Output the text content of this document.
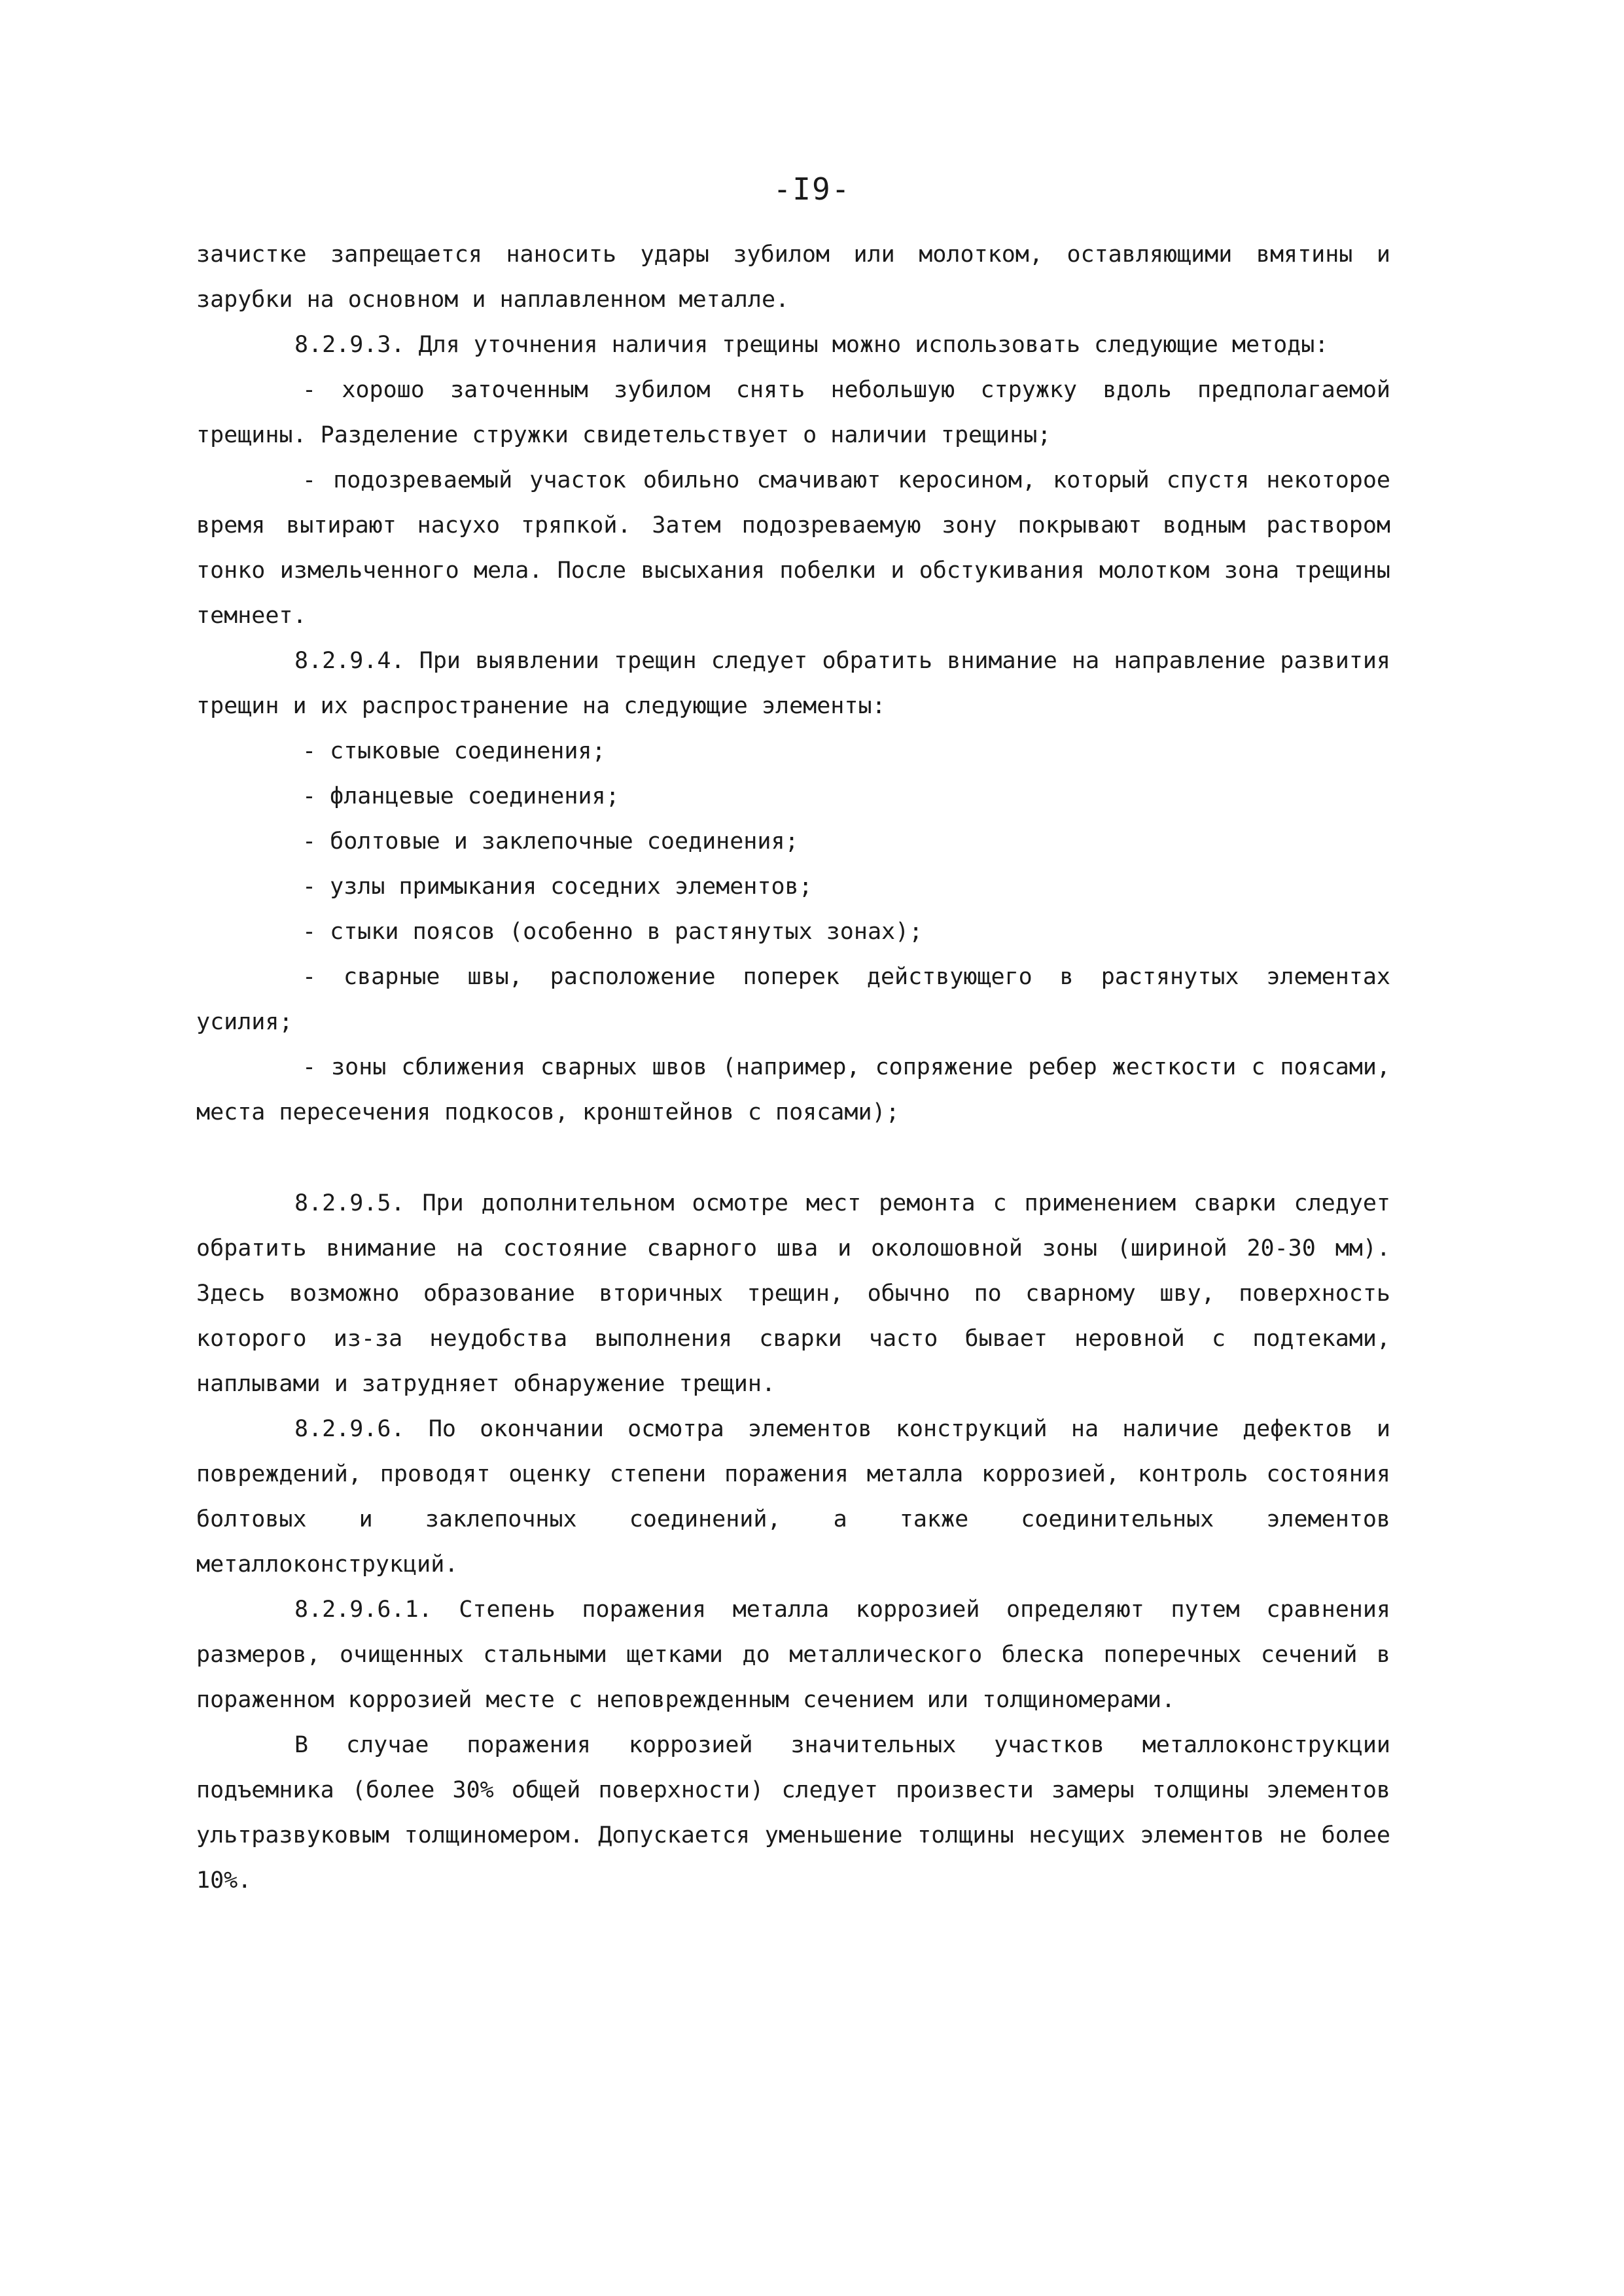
-I9-

зачистке запрещается наносить удары зубилом или молотком, оставляющими вмятины и зарубки на основном и наплавленном металле.

8.2.9.3. Для уточнения наличия трещины можно использовать следующие методы:

- хорошо заточенным зубилом снять небольшую стружку вдоль предполагаемой трещины. Разделение стружки свидетельствует о наличии трещины;

- подозреваемый участок обильно смачивают керосином, который спустя некоторое время вытирают насухо тряпкой. Затем подозреваемую зону покрывают водным раствором тонко измельченного мела. После высыхания побелки и обстукивания молотком зона трещины темнеет.

8.2.9.4. При выявлении трещин следует обратить внимание на направление развития трещин и их распространение на следующие элементы:

- стыковые соединения;

- фланцевые соединения;

- болтовые и заклепочные соединения;

- узлы примыкания соседних элементов;

- стыки поясов (особенно в растянутых зонах);

- сварные швы, расположение поперек действующего в растянутых элементах усилия;

- зоны сближения сварных швов (например, сопряжение ребер жесткости с поясами, места пересечения подкосов, кронштейнов с поясами);

8.2.9.5. При дополнительном осмотре мест ремонта с применением сварки следует обратить внимание на состояние сварного шва и околошовной зоны (шириной 20-30 мм). Здесь возможно образование вторичных трещин, обычно по сварному шву, поверхность которого из-за неудобства выполнения сварки часто бывает неровной с подтеками, наплывами и затрудняет обнаружение трещин.

8.2.9.6. По окончании осмотра элементов конструкций на наличие дефектов и повреждений, проводят оценку степени поражения металла коррозией, контроль состояния болтовых и заклепочных соединений, а также соединительных элементов металлоконструкций.

8.2.9.6.1. Степень поражения металла коррозией определяют путем сравнения размеров, очищенных стальными щетками до металлического блеска поперечных сечений в пораженном коррозией месте с неповрежденным сечением или толщиномерами.

В случае поражения коррозией значительных участков металлоконструкции подъемника (более 30% общей поверхности) следует произвести замеры толщины элементов ультразвуковым толщиномером. Допускается уменьшение толщины несущих элементов не более 10%.
